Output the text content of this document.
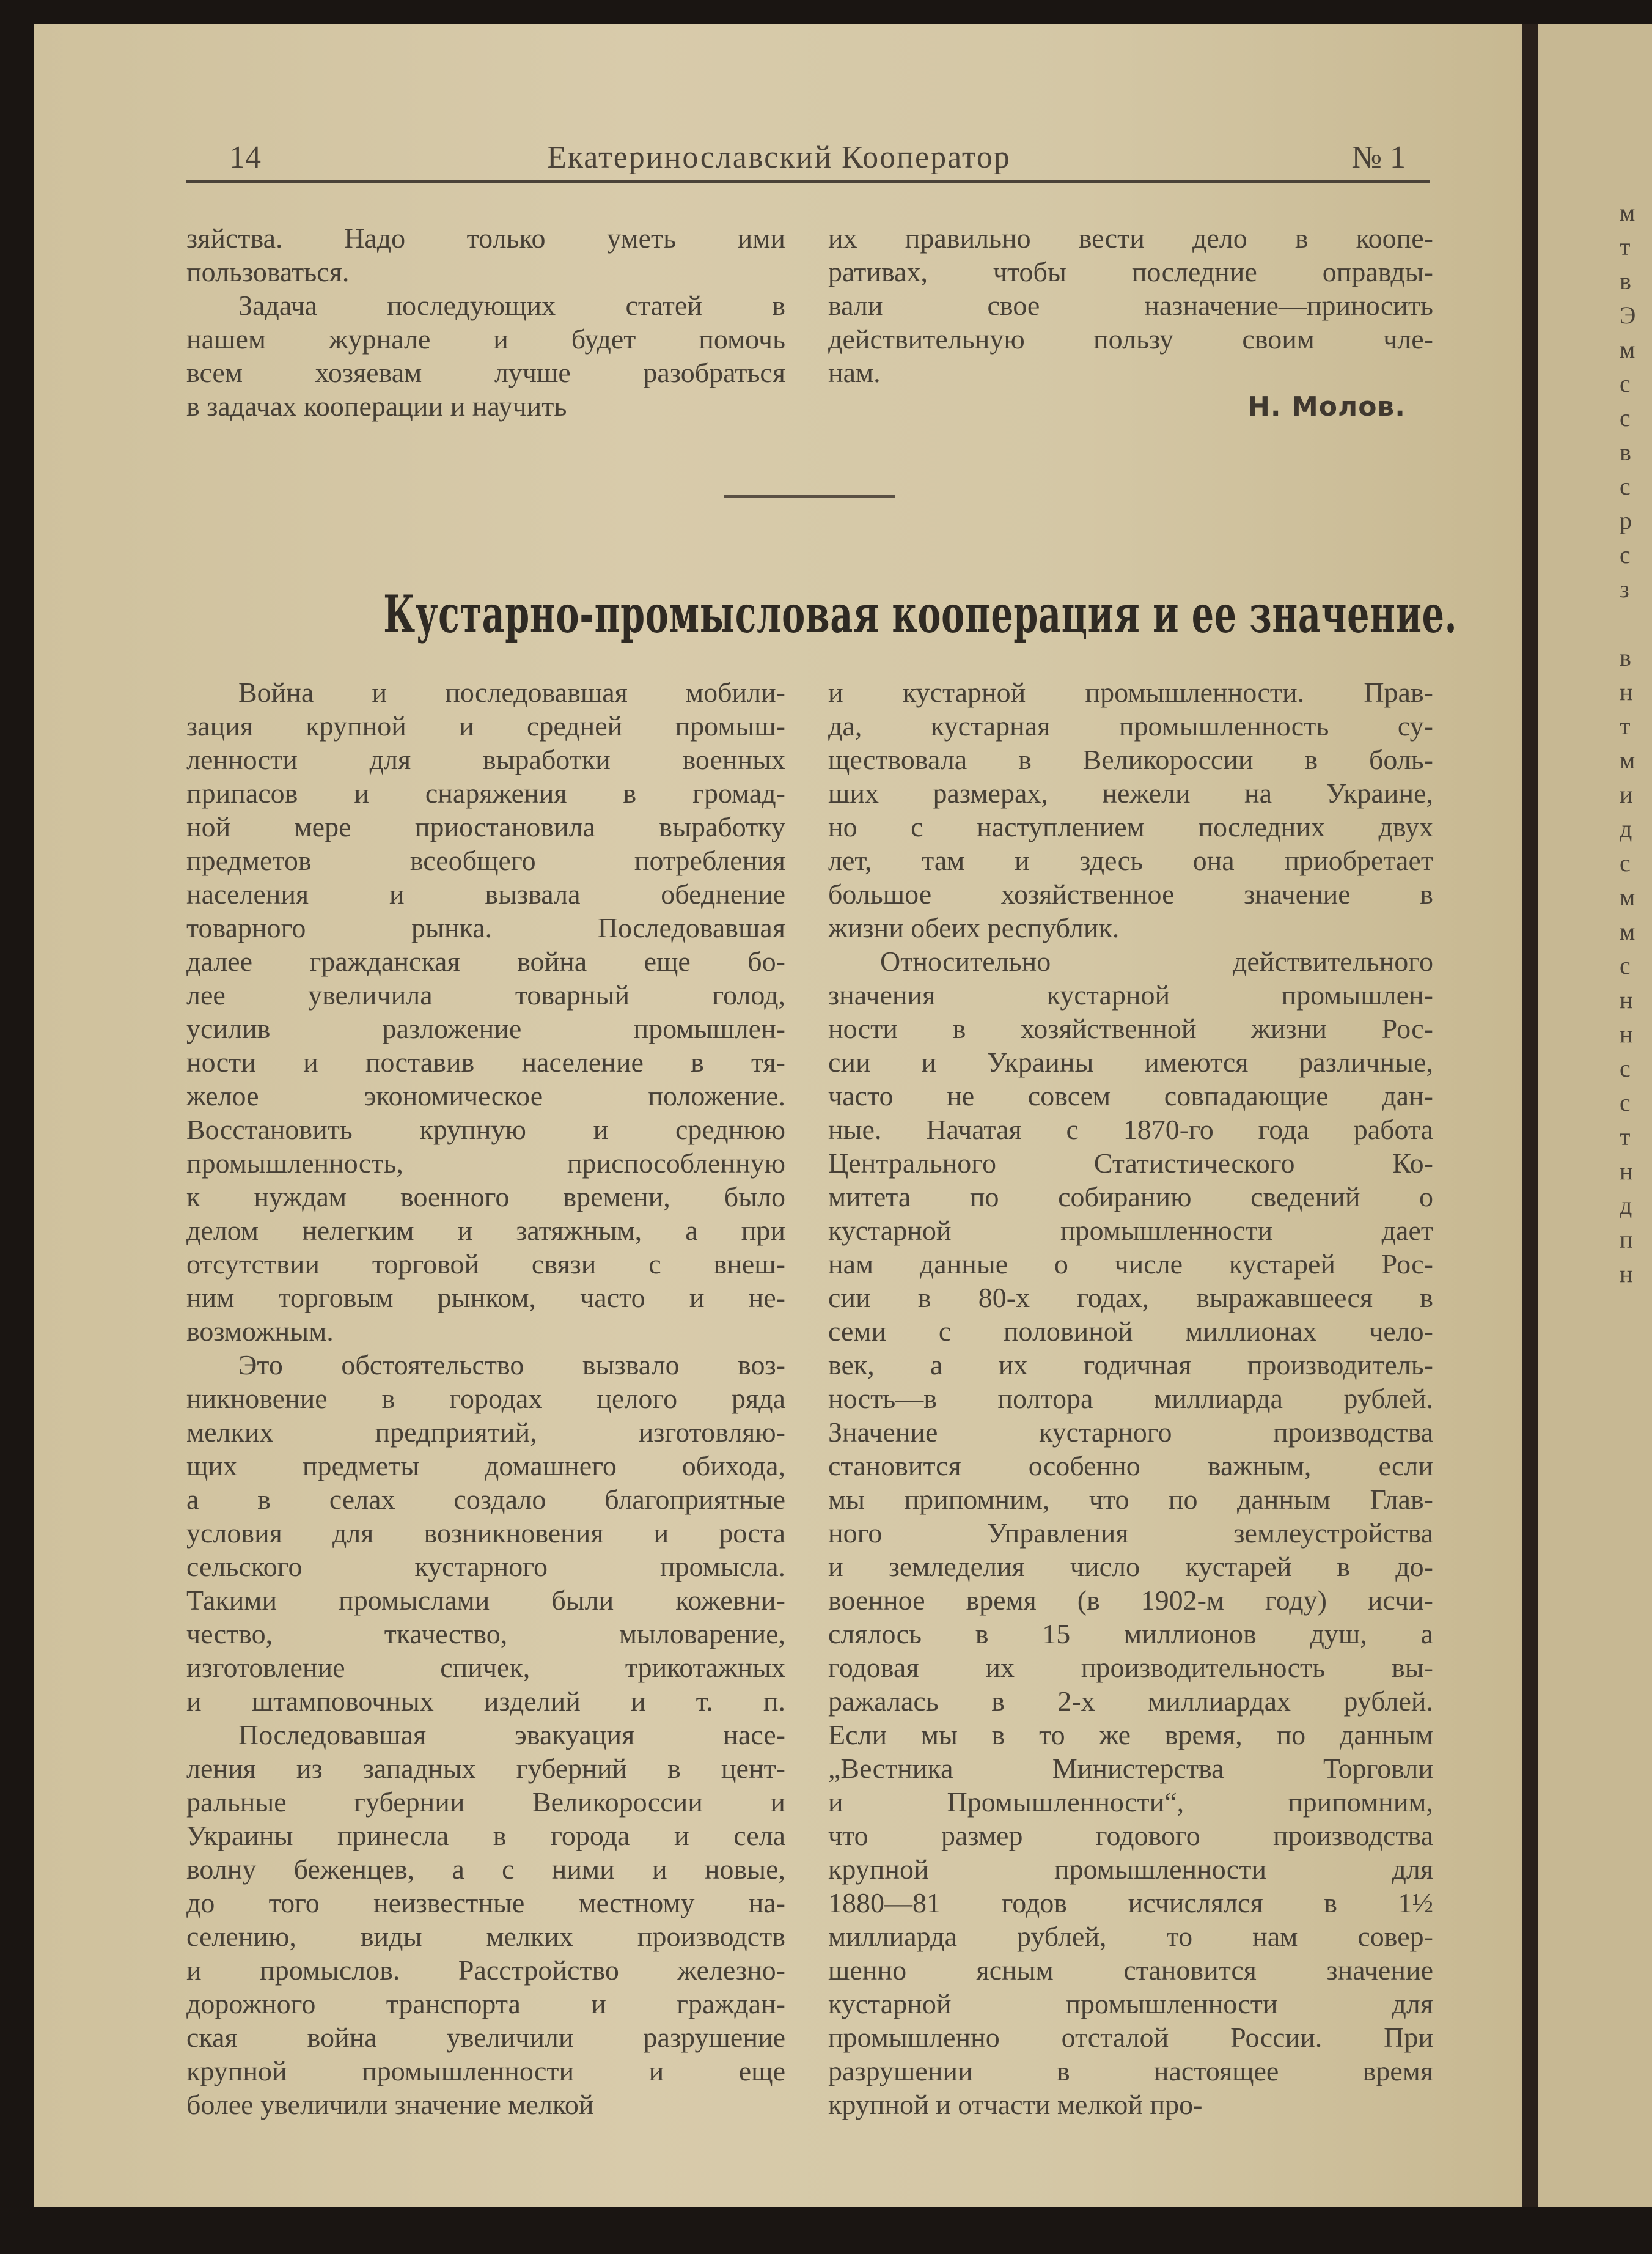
14	Екатеринославский Кооператор	№ 1
зяйства. Надо только уметь ими
пользоваться.
Задача последующих статей в
нашем журнале и будет помочь
всем хозяевам лучше разобраться
в задачах кооперации и научить
их правильно вести дело в коопе-
ративах, чтобы последние оправды-
вали свое назначение—приносить
действительную пользу своим чле-
нам.
Н. Молов.
Кустарно-промысловая кооперация и ее значение.
Война и последовавшая мобили-
зация крупной и средней промыш-
ленности для выработки военных
припасов и снаряжения в громад-
ной мере приостановила выработку
предметов всеобщего потребления
населения и вызвала обеднение
товарного рынка. Последовавшая
далее гражданская война еще бо-
лее увеличила товарный голод,
усилив разложение промышлен-
ности и поставив население в тя-
желое экономическое положение.
Восстановить крупную и среднюю
промышленность, приспособленную
к нуждам военного времени, было
делом нелегким и затяжным, а при
отсутствии торговой связи с внеш-
ним торговым рынком, часто и не-
возможным.
Это обстоятельство вызвало воз-
никновение в городах целого ряда
мелких предприятий, изготовляю-
щих предметы домашнего обихода,
а в селах создало благоприятные
условия для возникновения и роста
сельского кустарного промысла.
Такими промыслами были кожевни-
чество, ткачество, мыловарение,
изготовление спичек, трикотажных
и штамповочных изделий и т. п.
Последовавшая эвакуация насе-
ления из западных губерний в цент-
ральные губернии Великороссии и
Украины принесла в города и села
волну беженцев, а с ними и новые,
до того неизвестные местному на-
селению, виды мелких производств
и промыслов. Расстройство железно-
дорожного транспорта и граждан-
ская война увеличили разрушение
крупной промышленности и еще
более увеличили значение мелкой
и кустарной промышленности. Прав-
да, кустарная промышленность су-
ществовала в Великороссии в боль-
ших размерах, нежели на Украине,
но с наступлением последних двух
лет, там и здесь она приобретает
большое хозяйственное значение в
жизни обеих республик.
Относительно действительного
значения кустарной промышлен-
ности в хозяйственной жизни Рос-
сии и Украины имеются различные,
часто не совсем совпадающие дан-
ные. Начатая с 1870-го года работа
Центрального Статистического Ко-
митета по собиранию сведений о
кустарной промышленности дает
нам данные о числе кустарей Рос-
сии в 80-х годах, выражавшееся в
семи с половиной миллионах чело-
век, а их годичная производитель-
ность—в полтора миллиарда рублей.
Значение кустарного производства
становится особенно важным, если
мы припомним, что по данным Глав-
ного Управления землеустройства
и земледелия число кустарей в до-
военное время (в 1902-м году) исчи-
слялось в 15 миллионов душ, а
годовая их производительность вы-
ражалась в 2-х миллиардах рублей.
Если мы в то же время, по данным
„Вестника Министерства Торговли
и Промышленности“, припомним,
что размер годового производства
крупной промышленности для
1880—81 годов исчислялся в 1½
миллиарда рублей, то нам совер-
шенно ясным становится значение
кустарной промышленности для
промышленно отсталой России. При
разрушении в настоящее время
крупной и отчасти мелкой про-
м
т
в
Э
м
с
с
в
с
р
с
з
в
н
т
м
и
д
с
м
м
с
н
н
с
с
т
н
д
п
н
